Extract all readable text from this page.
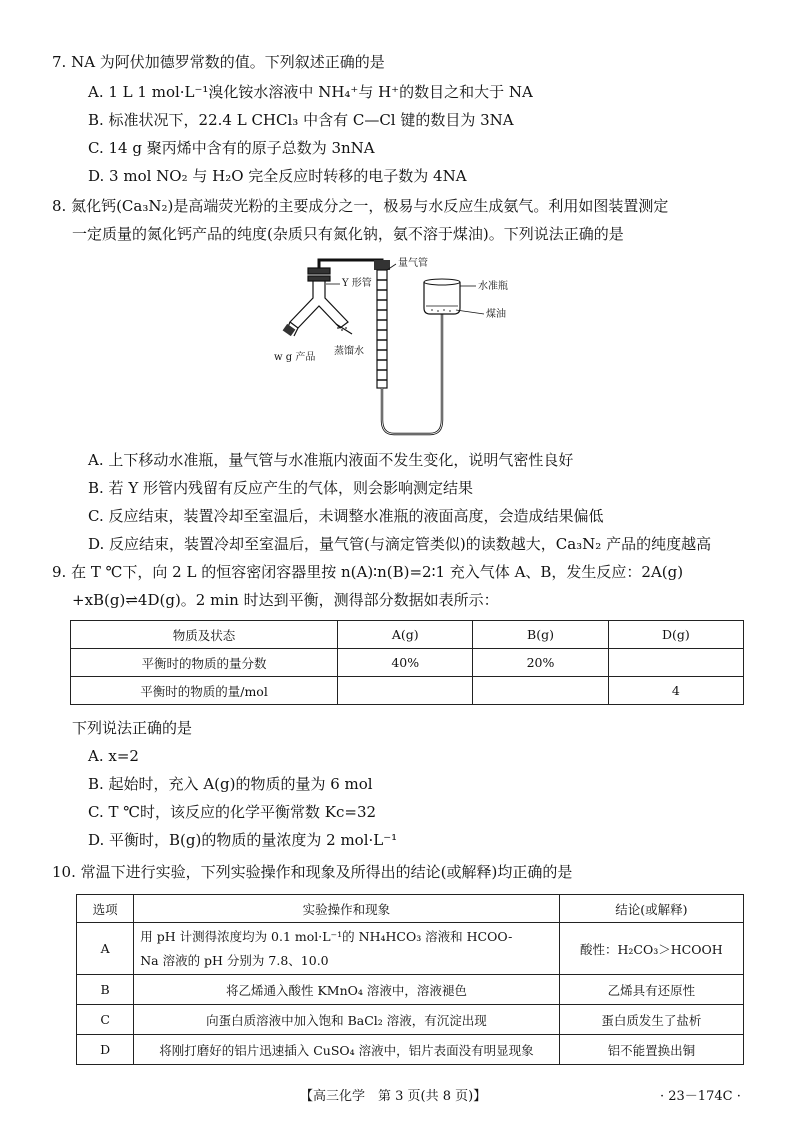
7. NA 为阿伏加德罗常数的值。下列叙述正确的是
A. 1 L 1 mol·L⁻¹溴化铵水溶液中 NH₄⁺与 H⁺的数目之和大于 NA
B. 标准状况下，22.4 L CHCl₃ 中含有 C—Cl 键的数目为 3NA
C. 14 g 聚丙烯中含有的原子总数为 3nNA
D. 3 mol NO₂ 与 H₂O 完全反应时转移的电子数为 4NA
8. 氮化钙(Ca₃N₂)是高端荧光粉的主要成分之一，极易与水反应生成氨气。利用如图装置测定
一定质量的氮化钙产品的纯度(杂质只有氮化钠，氨不溶于煤油)。下列说法正确的是
Y 形管
量气管
水准瓶
煤油
w g 产品
蒸馏水
A. 上下移动水准瓶，量气管与水准瓶内液面不发生变化，说明气密性良好
B. 若 Y 形管内残留有反应产生的气体，则会影响测定结果
C. 反应结束，装置冷却至室温后，未调整水准瓶的液面高度，会造成结果偏低
D. 反应结束，装置冷却至室温后，量气管(与滴定管类似)的读数越大，Ca₃N₂ 产品的纯度越高
9. 在 T ℃下，向 2 L 的恒容密闭容器里按 n(A)∶n(B)=2∶1 充入气体 A、B，发生反应：2A(g)
+xB(g)⇌4D(g)。2 min 时达到平衡，测得部分数据如表所示：
物质及状态	A(g)	B(g)	D(g)
平衡时的物质的量分数	40%	20%	
平衡时的物质的量/mol			4
下列说法正确的是
A. x=2
B. 起始时，充入 A(g)的物质的量为 6 mol
C. T ℃时，该反应的化学平衡常数 Kc=32
D. 平衡时，B(g)的物质的量浓度为 2 mol·L⁻¹
10. 常温下进行实验，下列实验操作和现象及所得出的结论(或解释)均正确的是
选项	实验操作和现象	结论(或解释)
A	用 pH 计测得浓度均为 0.1 mol·L⁻¹的 NH₄HCO₃ 溶液和 HCOO-
Na 溶液的 pH 分别为 7.8、10.0	酸性：H₂CO₃＞HCOOH
B	将乙烯通入酸性 KMnO₄ 溶液中，溶液褪色	乙烯具有还原性
C	向蛋白质溶液中加入饱和 BaCl₂ 溶液，有沉淀出现	蛋白质发生了盐析
D	将刚打磨好的铝片迅速插入 CuSO₄ 溶液中，铝片表面没有明显现象	铝不能置换出铜
【高三化学　第 3 页(共 8 页)】	· 23－174C ·
